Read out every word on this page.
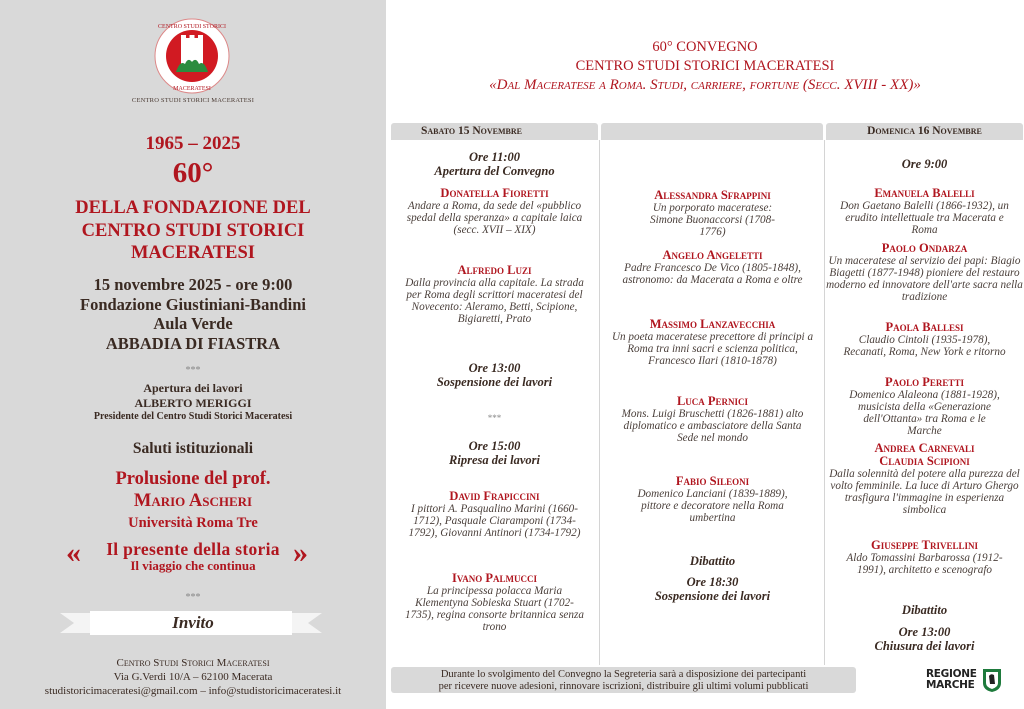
CENTRO STUDI STORICI
MACERATESI
CENTRO STUDI STORICI MACERATESI
1965 – 2025
60°
DELLA FONDAZIONE DEL
CENTRO STUDI STORICI
MACERATESI
15 novembre 2025 - ore 9:00
Fondazione Giustiniani-Bandini
Aula Verde
ABBADIA DI FIASTRA
***
Apertura dei lavori
ALBERTO MERIGGI
Presidente del Centro Studi Storici Maceratesi
Saluti istituzionali
Prolusione del prof.
Mario Ascheri
Università Roma Tre
«	Il presente della storia
Il viaggio che continua	»
***
Invito
Centro Studi Storici Maceratesi
Via G.Verdi 10/A – 62100 Macerata
studistoricimaceratesi@gmail.com – info@studistoricimaceratesi.it
60° CONVEGNO
CENTRO STUDI STORICI MACERATESI
«Dal Maceratese a Roma. Studi, carriere, fortune (Secc. XVIII - XX)»
Sabato 15 Novembre	Domenica 16 Novembre
Ore 11:00
Apertura del Convegno
Donatella Fioretti
Andare a Roma, da sede del «pubblico spedal della speranza» a capitale laica (secc. XVII – XIX)
Alfredo Luzi
Dalla provincia alla capitale. La strada per Roma degli scrittori maceratesi del Novecento: Aleramo, Betti, Scipione, Bigiaretti, Prato
Ore 13:00
Sospensione dei lavori
***
Ore 15:00
Ripresa dei lavori
David Frapiccini
I pittori A. Pasqualino Marini (1660-1712), Pasquale Ciaramponi (1734-1792), Giovanni Antinori (1734-1792)
Ivano Palmucci
La principessa polacca Maria Klementyna Sobieska Stuart (1702-1735), regina consorte britannica senza trono
Alessandra Sfrappini
Un porporato maceratese: Simone Buonaccorsi (1708-1776)
Angelo Angeletti
Padre Francesco De Vico (1805-1848), astronomo: da Macerata a Roma e oltre
Massimo Lanzavecchia
Un poeta maceratese precettore di principi a Roma tra inni sacri e scienza politica, Francesco Ilari (1810-1878)
Luca Pernici
Mons. Luigi Bruschetti (1826-1881) alto diplomatico e ambasciatore della Santa Sede nel mondo
Fabio Sileoni
Domenico Lanciani (1839-1889), pittore e decoratore nella Roma umbertina
Dibattito
Ore 18:30
Sospensione dei lavori
Ore 9:00
Emanuela Balelli
Don Gaetano Balelli (1866-1932), un erudito intellettuale tra Macerata e Roma
Paolo Ondarza
Un maceratese al servizio dei papi: Biagio Biagetti (1877-1948) pioniere del restauro moderno ed innovatore dell'arte sacra nella tradizione
Paola Ballesi
Claudio Cintoli (1935-1978), Recanati, Roma, New York e ritorno
Paolo Peretti
Domenico Alaleona (1881-1928), musicista della «Generazione dell'Ottanta» tra Roma e le Marche
Andrea Carnevali
Claudia Scipioni
Dalla solennità del potere alla purezza del volto femminile. La luce di Arturo Ghergo trasfigura l'immagine in esperienza simbolica
Giuseppe Trivellini
Aldo Tomassini Barbarossa (1912-1991), architetto e scenografo
Dibattito
Ore 13:00
Chiusura dei lavori
Durante lo svolgimento del Convegno la Segreteria sarà a disposizione dei partecipanti
per ricevere nuove adesioni, rinnovare iscrizioni, distribuire gli ultimi volumi pubblicati
REGIONE
MARCHE
